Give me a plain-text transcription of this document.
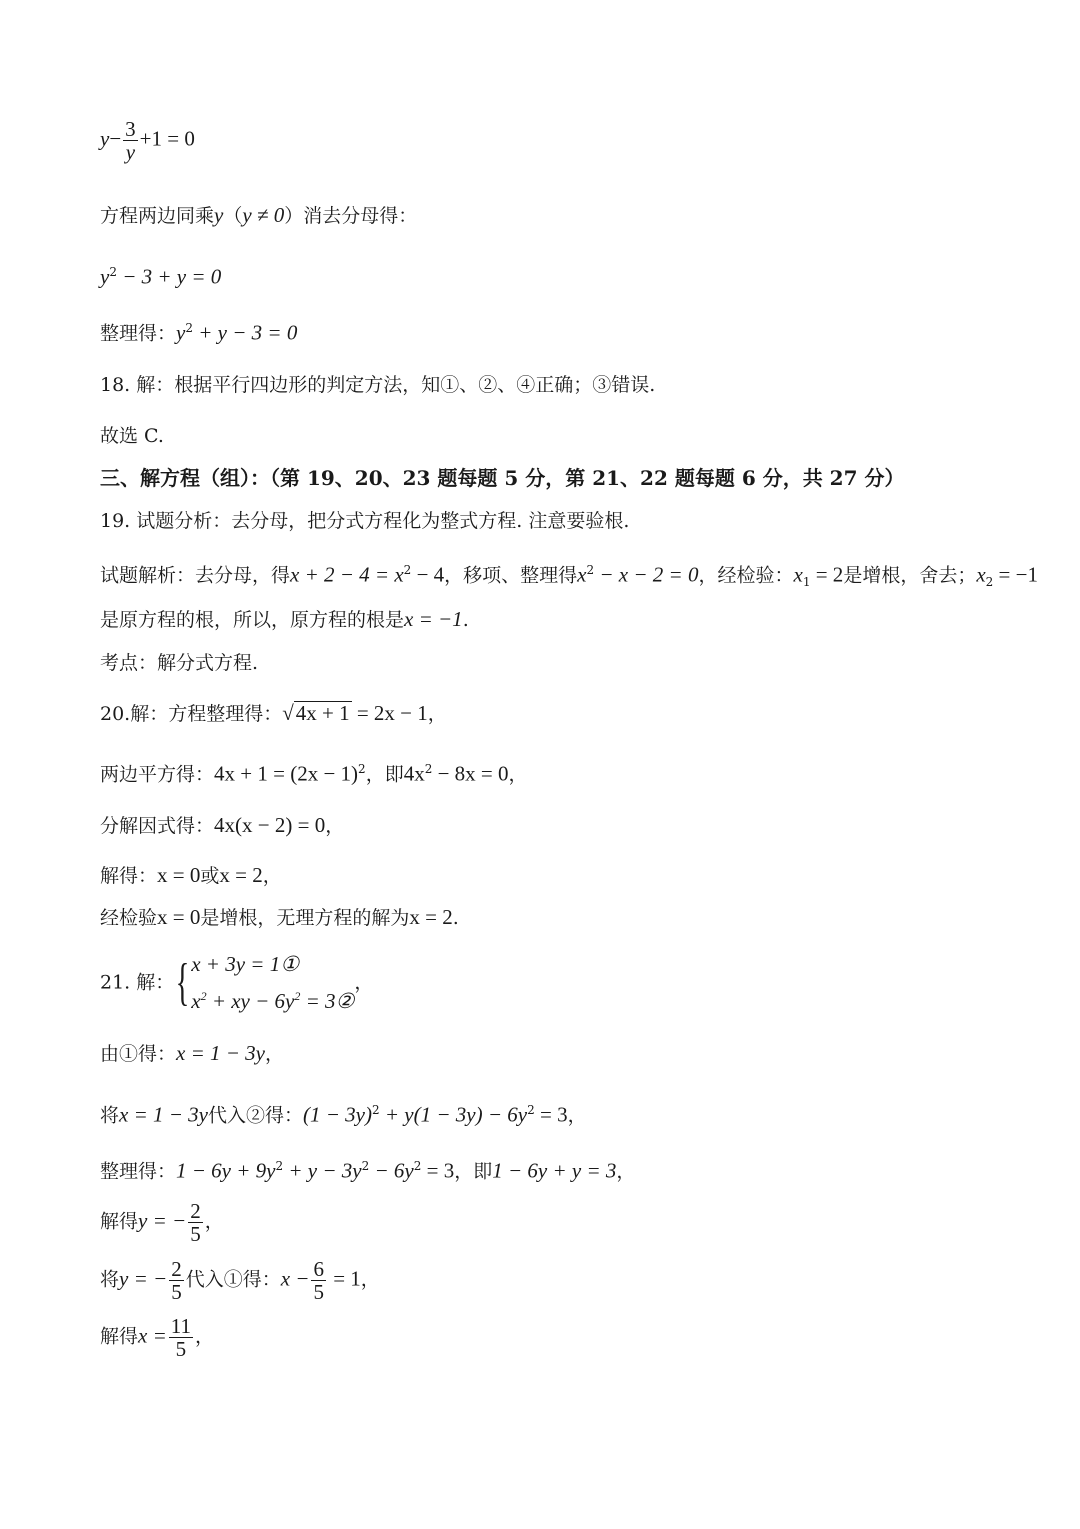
$y- \frac{3}{y} +1 = 0$
方程两边同乘y（y ≠ 0）消去分母得：
$y^2 - 3 + y = 0$
整理得：$y^2 + y - 3 = 0$
18. 解：根据平行四边形的判定方法，知①、②、④正确；③错误.
故选 C.
三、解方程（组）：（第 19、20、23 题每题 5 分，第 21、22 题每题 6 分，共 27 分）
19. 试题分析：去分母，把分式方程化为整式方程. 注意要验根.
试题解析：去分母，得$x + 2 - 4 = x^2 - 4$，移项、整理得$x^2 - x - 2 = 0$，经检验：$x_1 = 2$是增根，舍去；$x_2 = -1$
是原方程的根，所以，原方程的根是x = −1.
考点：解分式方程.
20.解：方程整理得：√4x + 1 = 2x − 1，
两边平方得：$4x + 1 = (2x - 1)^2$，即$4x^2 - 8x = 0$，
分解因式得：4x(x − 2) = 0，
解得：x = 0或x = 2，
经检验x = 0是增根，无理方程的解为x = 2.
21. 解：{ x + 3y = 1①
$x^2$ + xy − $6y^2$ = 3②
，
由①得：x = 1 − 3y，
将x = 1 − 3y代入②得：$(1 - 3y)^2 + y(1 - 3y) - 6y^2 = 3$，
整理得：$1 - 6y + 9y^2 + y - 3y^2 - 6y^2 = 3$，即1 − 6y + y = 3，
解得y = − $\frac{2}{5}$ ，
将y = − $\frac{2}{5}$ 代入①得：$x - \frac{6}{5} = 1$，
解得$x = \frac{11}{5}$ ，
